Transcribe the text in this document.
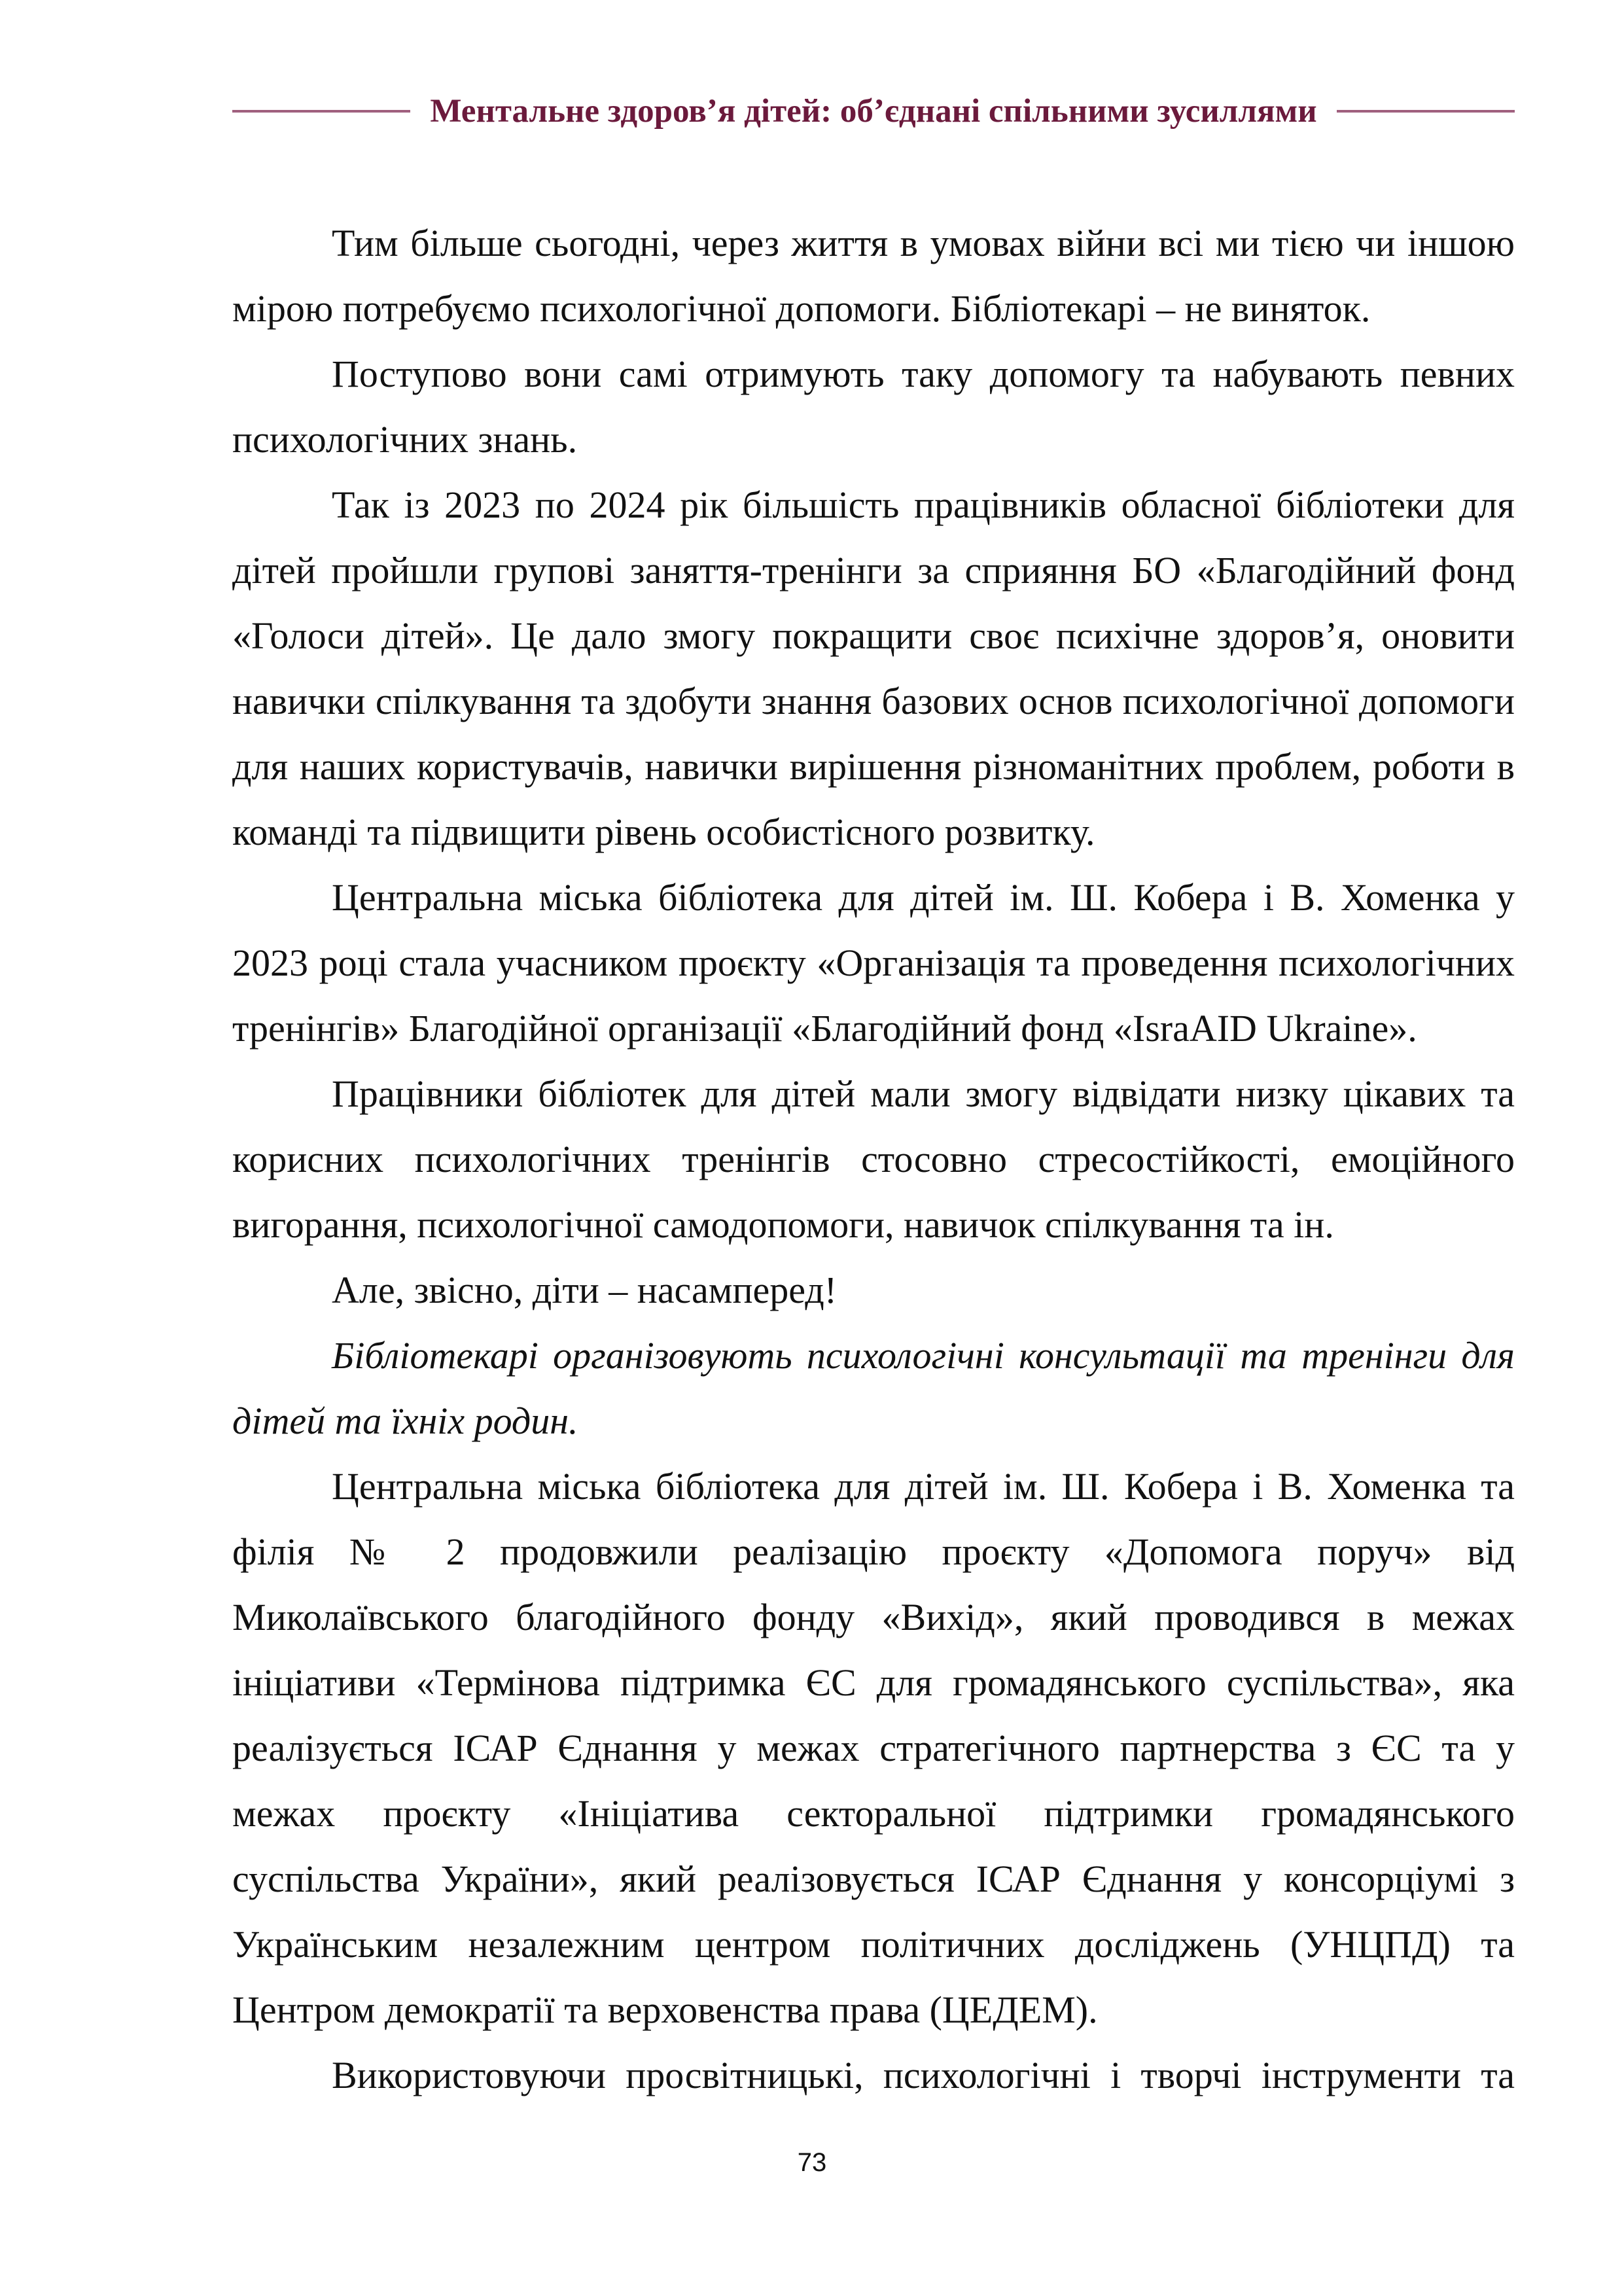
Ментальне здоров’я дітей: об’єднані спільними зусиллями

Тим більше сьогодні, через життя в умовах війни всі ми тією чи іншою мірою потребуємо психологічної допомоги. Бібліотекарі – не виняток.

Поступово вони самі отримують таку допомогу та набувають певних психологічних знань.

Так із 2023 по 2024 рік більшість працівників обласної бібліотеки для дітей пройшли групові заняття-тренінги за сприяння БО «Благодійний фонд «Голоси дітей». Це дало змогу покращити своє психічне здоров’я, оновити навички спілкування та здобути знання базових основ психологічної допомоги для наших користувачів, навички вирішення різноманітних проблем, роботи в команді та підвищити рівень особистісного розвитку.

Центральна міська бібліотека для дітей ім. Ш. Кобера і В. Хоменка у 2023 році стала учасником проєкту «Організація та проведення психологічних тренінгів» Благодійної організації «Благодійний фонд «IsraAID Ukraine».

Працівники бібліотек для дітей мали змогу відвідати низку цікавих та корисних психологічних тренінгів стосовно стресостійкості, емоційного вигорання, психологічної самодопомоги, навичок спілкування та ін.

Але, звісно, діти – насамперед!

Бібліотекарі організовують психологічні консультації та тренінги для дітей та їхніх родин.

Центральна міська бібліотека для дітей ім. Ш. Кобера і В. Хоменка та філія № 2 продовжили реалізацію проєкту «Допомога поруч» від Миколаївського благодійного фонду «Вихід», який проводився в межах ініціативи «Термінова підтримка ЄС для громадянського суспільства», яка реалізується ІСАР Єднання у межах стратегічного партнерства з ЄС та у межах проєкту «Ініціатива секторальної підтримки громадянського суспільства України», який реалізовується ІСАР Єднання у консорціумі з Українським незалежним центром політичних досліджень (УНЦПД) та Центром демократії та верховенства права (ЦЕДЕМ).

Використовуючи просвітницькі, психологічні і творчі інструменти та

73
